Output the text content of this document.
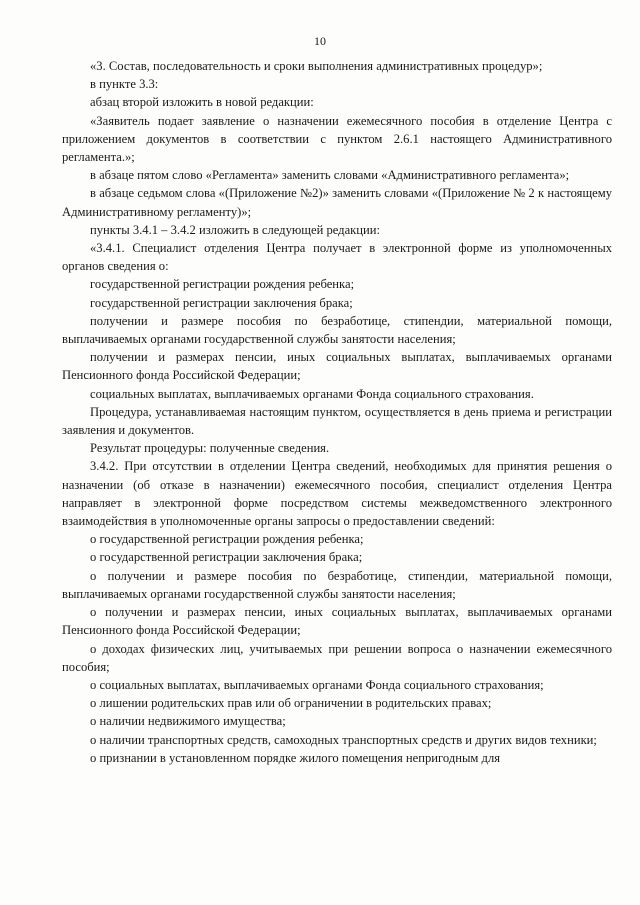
10

«3. Состав, последовательность и сроки выполнения административных процедур»;

в пункте 3.3:

абзац второй изложить в новой редакции:

«Заявитель подает заявление о назначении ежемесячного пособия в отделение Центра с приложением документов в соответствии с пунктом 2.6.1 настоящего Административного регламента.»;

в абзаце пятом слово «Регламента» заменить словами «Административного регламента»;

в абзаце седьмом слова «(Приложение №2)» заменить словами «(Приложение № 2 к настоящему Административному регламенту)»;

пункты 3.4.1 – 3.4.2 изложить в следующей редакции:

«3.4.1. Специалист отделения Центра получает в электронной форме из уполномоченных органов сведения о:

государственной регистрации рождения ребенка;

государственной регистрации заключения брака;

получении и размере пособия по безработице, стипендии, материальной помощи, выплачиваемых органами государственной службы занятости населения;

получении и размерах пенсии, иных социальных выплатах, выплачиваемых органами Пенсионного фонда Российской Федерации;

социальных выплатах, выплачиваемых органами Фонда социального страхования.

Процедура, устанавливаемая настоящим пунктом, осуществляется в день приема и регистрации заявления и документов.

Результат процедуры: полученные сведения.

3.4.2. При отсутствии в отделении Центра сведений, необходимых для принятия решения о назначении (об отказе в назначении) ежемесячного пособия, специалист отделения Центра направляет в электронной форме посредством системы межведомственного электронного взаимодействия в уполномоченные органы запросы о предоставлении сведений:

о государственной регистрации рождения ребенка;

о государственной регистрации заключения брака;

о получении и размере пособия по безработице, стипендии, материальной помощи, выплачиваемых органами государственной службы занятости населения;

о получении и размерах пенсии, иных социальных выплатах, выплачиваемых органами Пенсионного фонда Российской Федерации;

о доходах физических лиц, учитываемых при решении вопроса о назначении ежемесячного пособия;

о социальных выплатах, выплачиваемых органами Фонда социального страхования;

о лишении родительских прав или об ограничении в родительских правах;

о наличии недвижимого имущества;

о наличии транспортных средств, самоходных транспортных средств и других видов техники;

о признании в установленном порядке жилого помещения непригодным для
